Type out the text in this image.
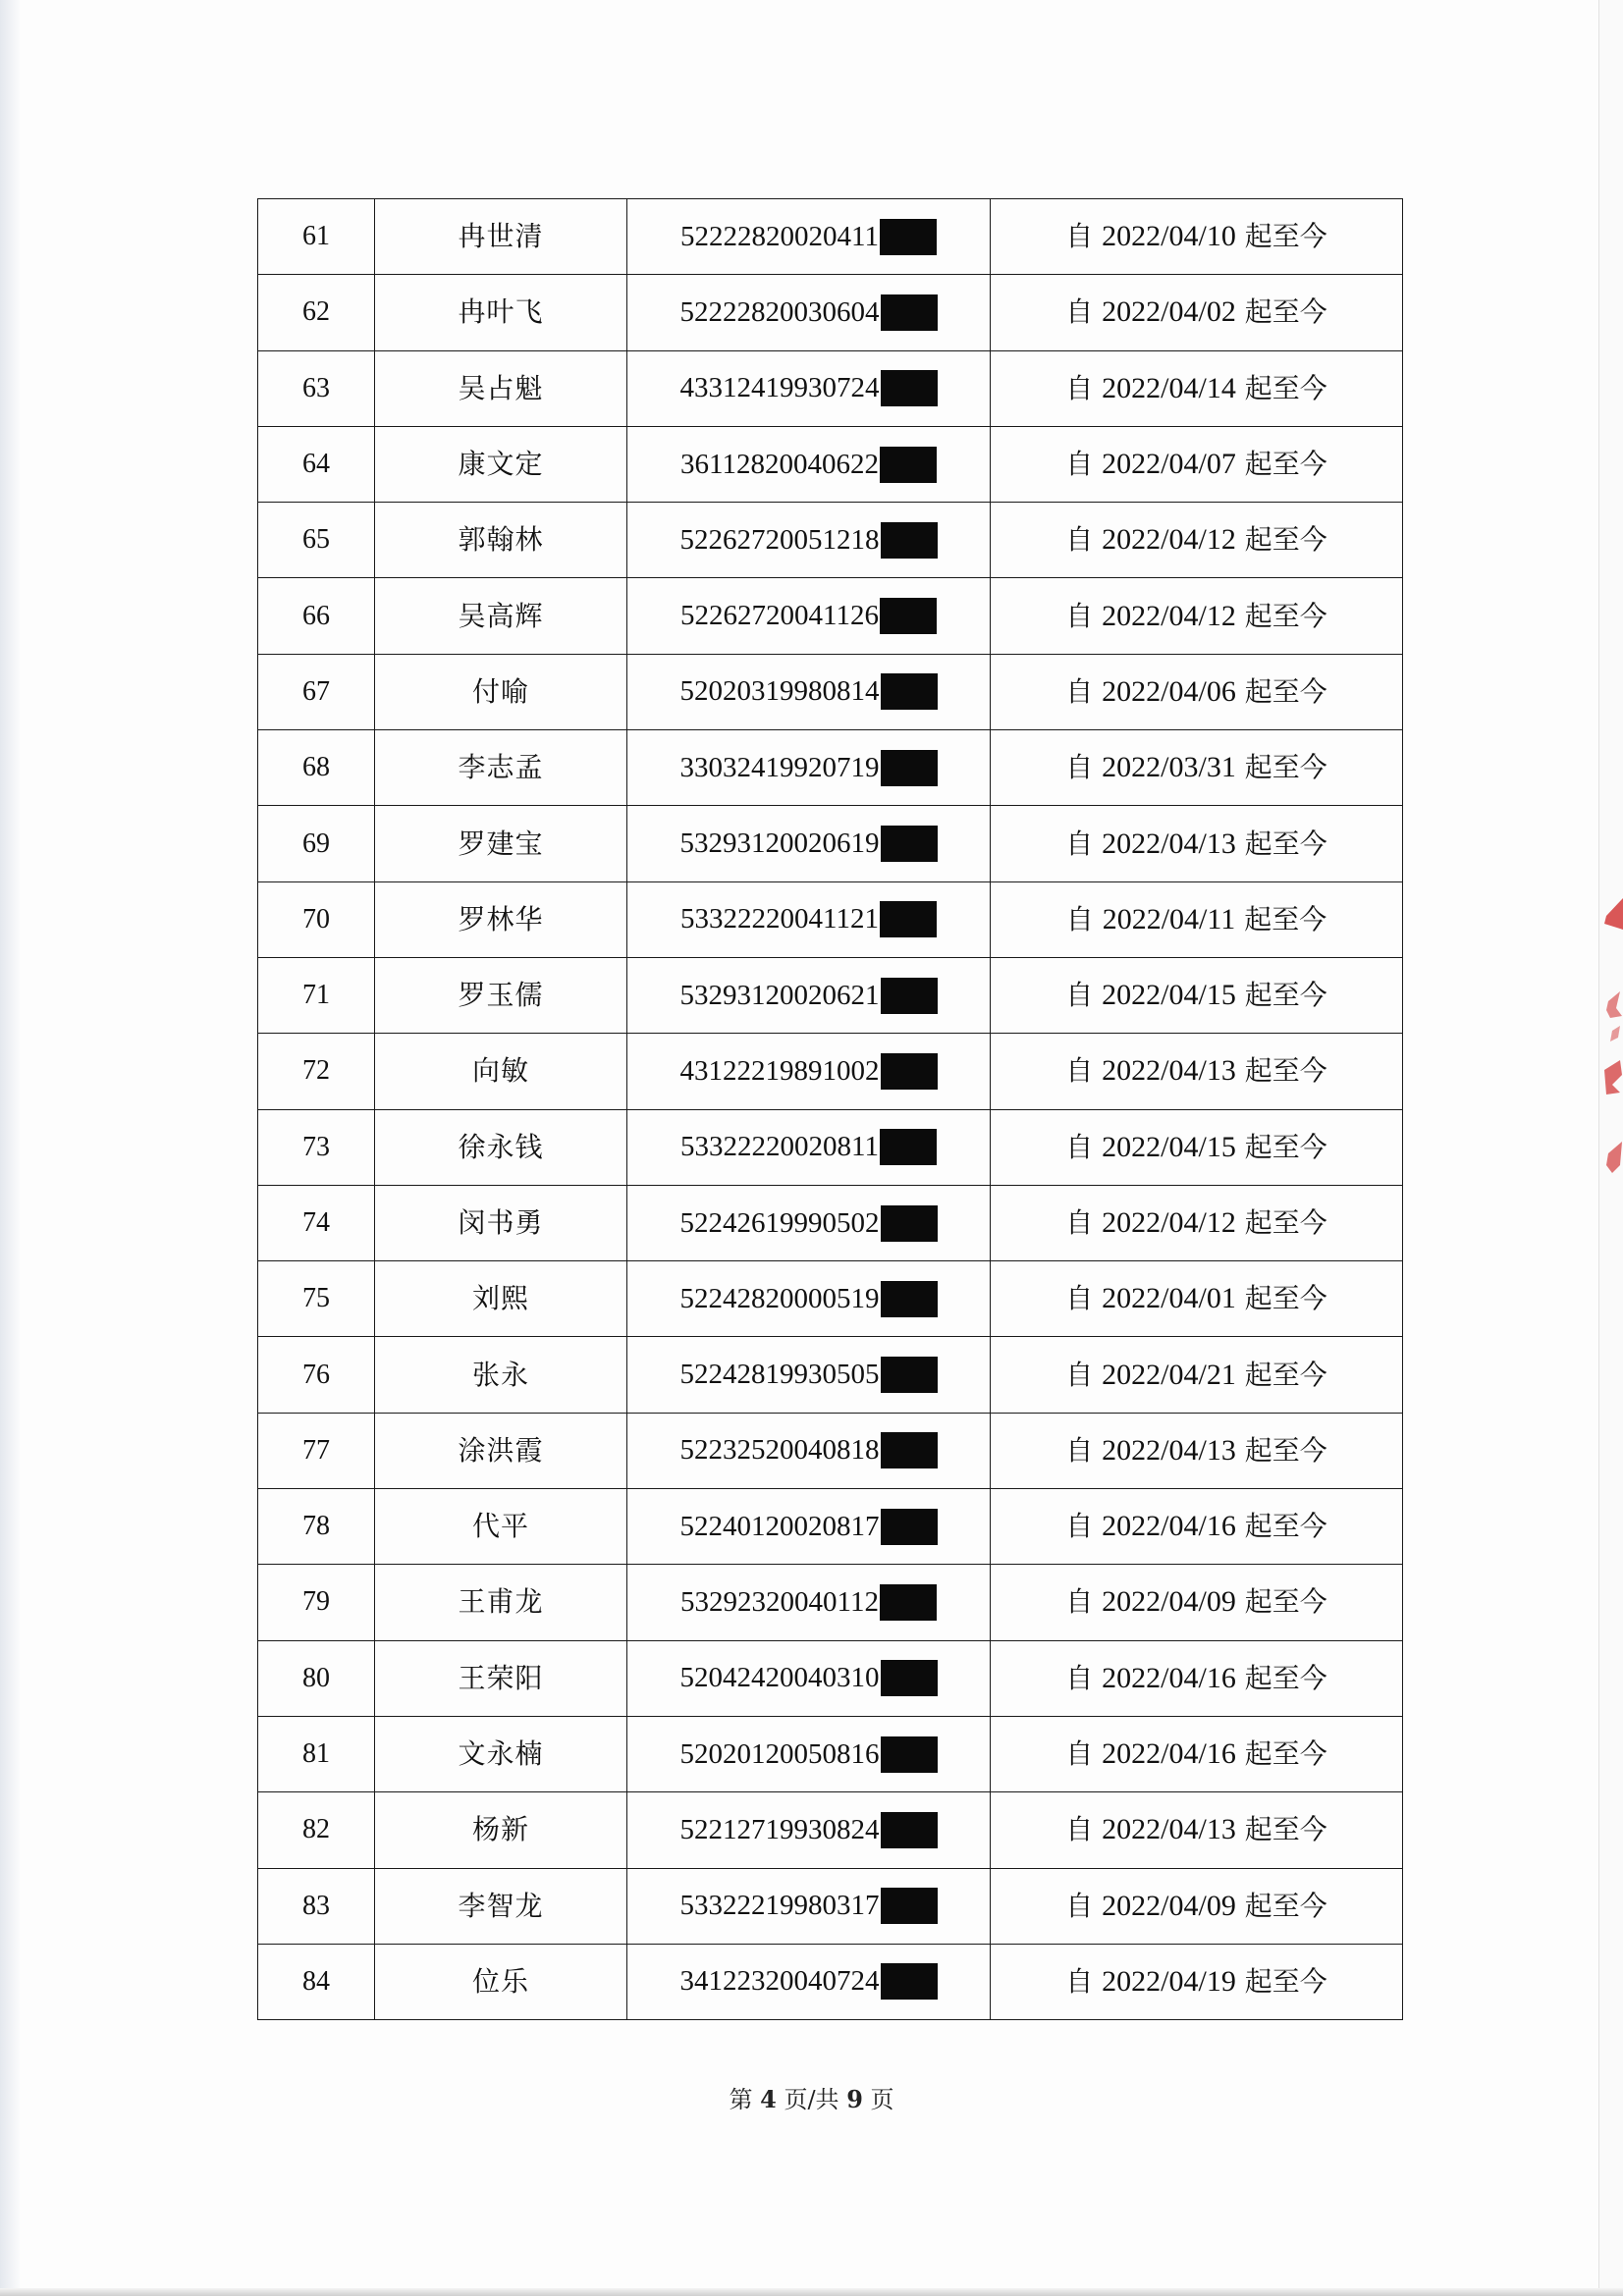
61	冉世清	52222820020411	自 2022/04/10 起至今
62	冉叶飞	52222820030604	自 2022/04/02 起至今
63	吴占魁	43312419930724	自 2022/04/14 起至今
64	康文定	36112820040622	自 2022/04/07 起至今
65	郭翰林	52262720051218	自 2022/04/12 起至今
66	吴高辉	52262720041126	自 2022/04/12 起至今
67	付喻	52020319980814	自 2022/04/06 起至今
68	李志孟	33032419920719	自 2022/03/31 起至今
69	罗建宝	53293120020619	自 2022/04/13 起至今
70	罗林华	53322220041121	自 2022/04/11 起至今
71	罗玉儒	53293120020621	自 2022/04/15 起至今
72	向敏	43122219891002	自 2022/04/13 起至今
73	徐永钱	53322220020811	自 2022/04/15 起至今
74	闵书勇	52242619990502	自 2022/04/12 起至今
75	刘熙	52242820000519	自 2022/04/01 起至今
76	张永	52242819930505	自 2022/04/21 起至今
77	涂洪霞	52232520040818	自 2022/04/13 起至今
78	代平	52240120020817	自 2022/04/16 起至今
79	王甫龙	53292320040112	自 2022/04/09 起至今
80	王荣阳	52042420040310	自 2022/04/16 起至今
81	文永楠	52020120050816	自 2022/04/16 起至今
82	杨新	52212719930824	自 2022/04/13 起至今
83	李智龙	53322219980317	自 2022/04/09 起至今
84	位乐	34122320040724	自 2022/04/19 起至今
第 4 页/共 9 页
